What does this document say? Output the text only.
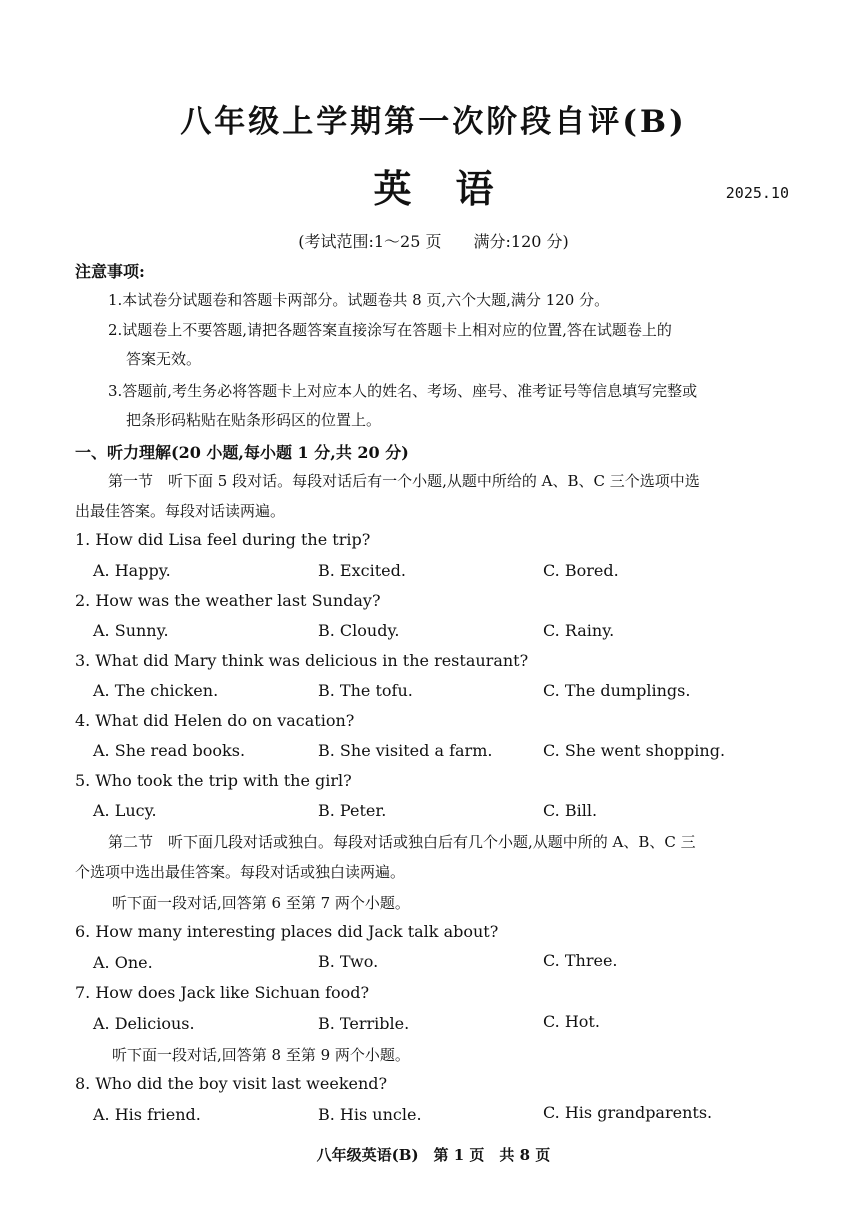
八年级上学期第一次阶段自评(B)
英语	2025.10
(考试范围:1～25 页　　满分:120 分)
注意事项:
1.本试卷分试题卷和答题卡两部分。试题卷共 8 页,六个大题,满分 120 分。
2.试题卷上不要答题,请把各题答案直接涂写在答题卡上相对应的位置,答在试题卷上的
答案无效。
3.答题前,考生务必将答题卡上对应本人的姓名、考场、座号、准考证号等信息填写完整或
把条形码粘贴在贴条形码区的位置上。
一、听力理解(20 小题,每小题 1 分,共 20 分)
第一节　听下面 5 段对话。每段对话后有一个小题,从题中所给的 A、B、C 三个选项中选
出最佳答案。每段对话读两遍。
1. How did Lisa feel during the trip?
A. Happy.	B. Excited.	C. Bored.
2. How was the weather last Sunday?
A. Sunny.	B. Cloudy.	C. Rainy.
3. What did Mary think was delicious in the restaurant?
A. The chicken.	B. The tofu.	C. The dumplings.
4. What did Helen do on vacation?
A. She read books.	B. She visited a farm.	C. She went shopping.
5. Who took the trip with the girl?
A. Lucy.	B. Peter.	C. Bill.
第二节　听下面几段对话或独白。每段对话或独白后有几个小题,从题中所的 A、B、C 三
个选项中选出最佳答案。每段对话或独白读两遍。
听下面一段对话,回答第 6 至第 7 两个小题。
6. How many interesting places did Jack talk about?
A. One.	B. Two.	C. Three.
7. How does Jack like Sichuan food?
A. Delicious.	B. Terrible.	C. Hot.
听下面一段对话,回答第 8 至第 9 两个小题。
8. Who did the boy visit last weekend?
A. His friend.	B. His uncle.	C. His grandparents.
八年级英语(B)　第 1 页　共 8 页
